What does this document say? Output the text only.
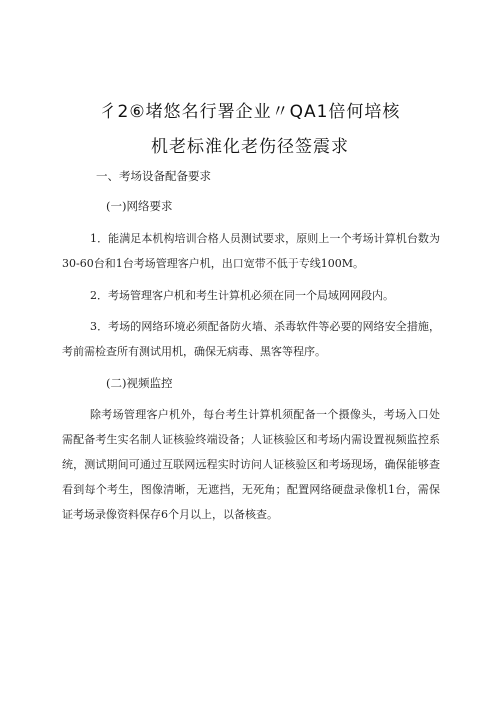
彳2⑥堵悠名行署企业〃QA1倍何培核
机老标淮化老伤径签震求
一、考场设备配备要求
(一)网络要求

1．能满足本机构培训合格人员测试要求，原则上一个考场计算机台数为30-60台和1台考场管理客户机，出口宽带不低于专线100M。

2．考场管理客户机和考生计算机必须在同一个局域网网段内。

3．考场的网络环境必须配备防火墙、杀毒软件等必要的网络安全措施，考前需检查所有测试用机，确保无病毒、黑客等程序。

(二)视频监控

除考场管理客户机外，每台考生计算机须配备一个摄像头，考场入口处需配备考生实名制人证核验终端设备；人证核验区和考场内需设置视频监控系统，测试期间可通过互联网远程实时访问人证核验区和考场现场，确保能够查看到每个考生，图像清晰，无遮挡，无死角；配置网络硬盘录像机1台，需保证考场录像资料保存6个月以上，以备核查。
